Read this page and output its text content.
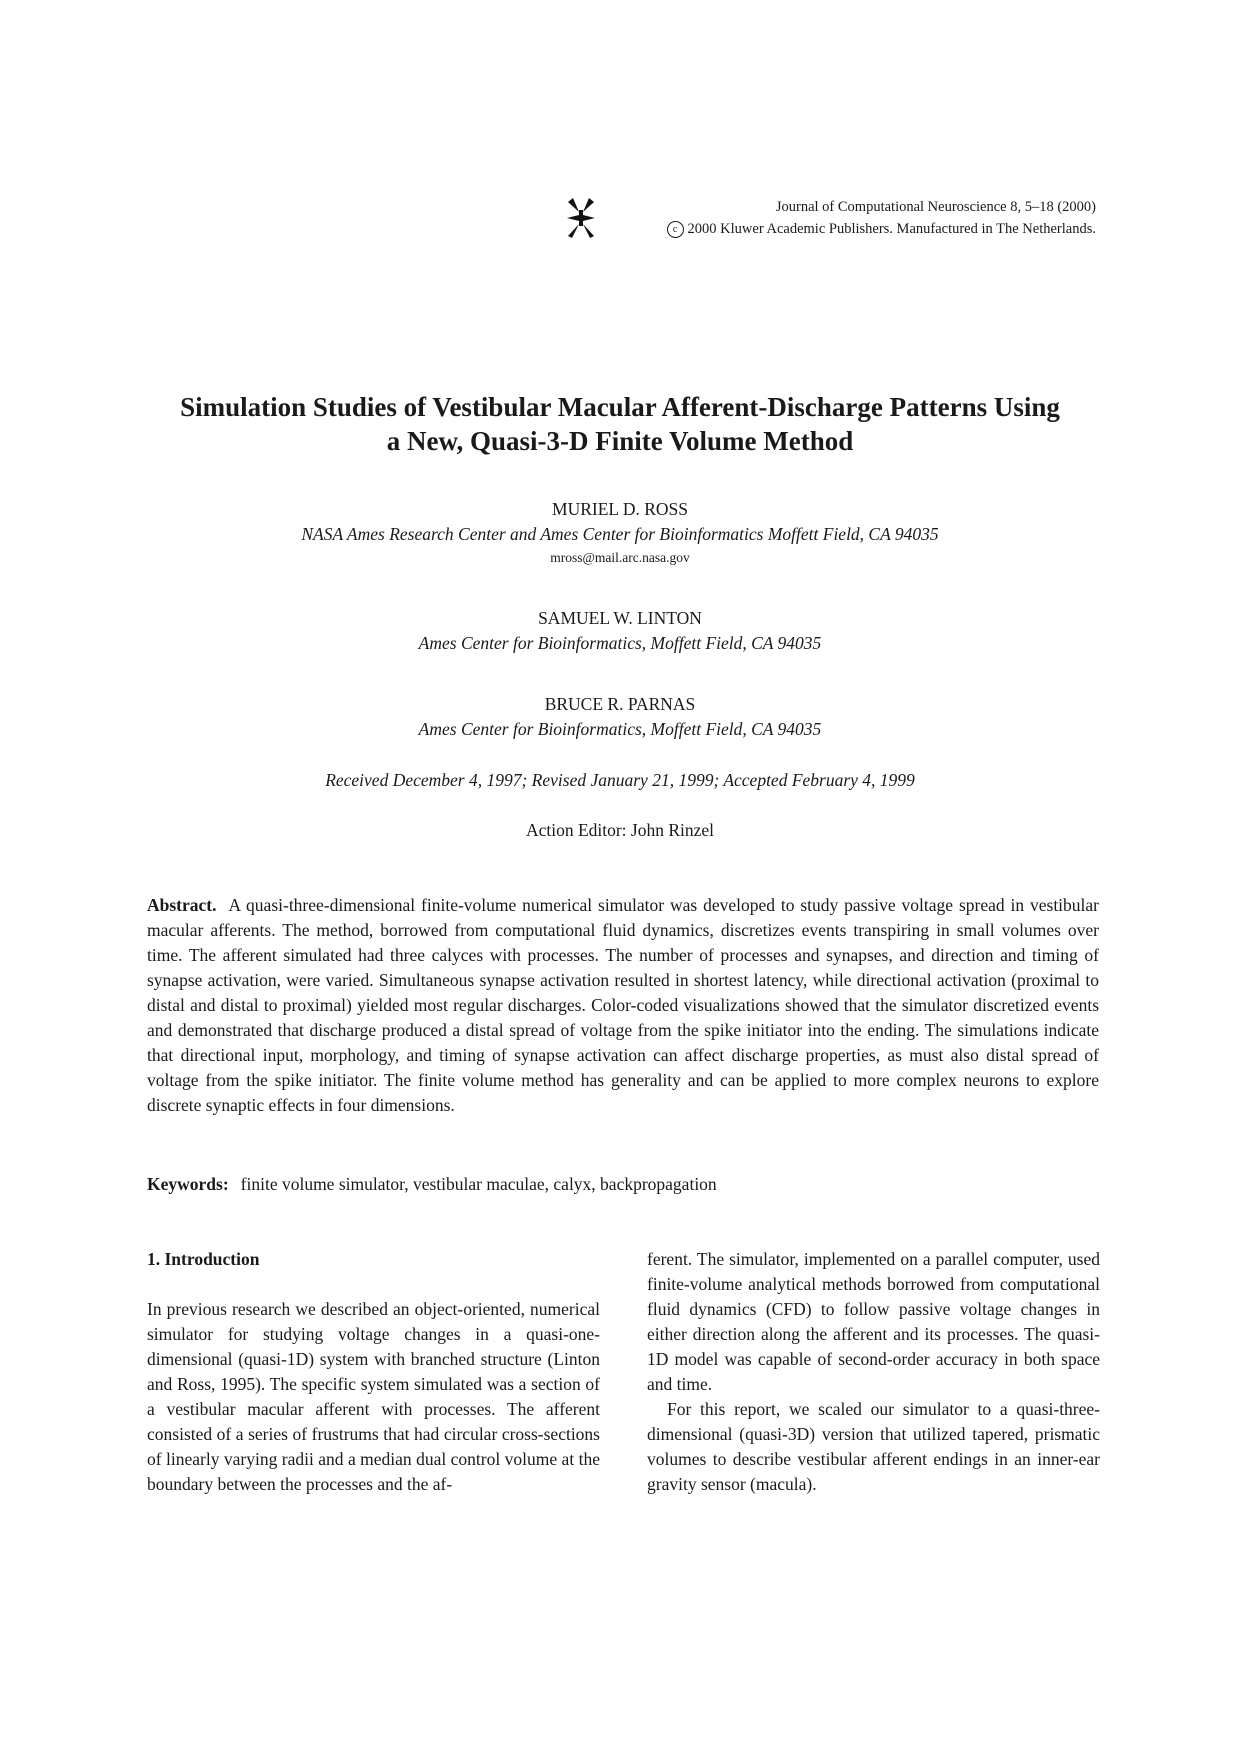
Journal of Computational Neuroscience 8, 5–18 (2000)
c 2000 Kluwer Academic Publishers. Manufactured in The Netherlands.
Simulation Studies of Vestibular Macular Afferent-Discharge Patterns Using
a New, Quasi-3-D Finite Volume Method
MURIEL D. ROSS
NASA Ames Research Center and Ames Center for Bioinformatics Moffett Field, CA 94035
mross@mail.arc.nasa.gov
SAMUEL W. LINTON
Ames Center for Bioinformatics, Moffett Field, CA 94035
BRUCE R. PARNAS
Ames Center for Bioinformatics, Moffett Field, CA 94035
Received December 4, 1997; Revised January 21, 1999; Accepted February 4, 1999
Action Editor: John Rinzel

Abstract. A quasi-three-dimensional finite-volume numerical simulator was developed to study passive voltage spread in vestibular macular afferents. The method, borrowed from computational fluid dynamics, discretizes events transpiring in small volumes over time. The afferent simulated had three calyces with processes. The number of processes and synapses, and direction and timing of synapse activation, were varied. Simultaneous synapse activation resulted in shortest latency, while directional activation (proximal to distal and distal to proximal) yielded most regular discharges. Color-coded visualizations showed that the simulator discretized events and demonstrated that discharge produced a distal spread of voltage from the spike initiator into the ending. The simulations indicate that directional input, morphology, and timing of synapse activation can affect discharge properties, as must also distal spread of voltage from the spike initiator. The finite volume method has generality and can be applied to more complex neurons to explore discrete synaptic effects in four dimensions.

Keywords: finite volume simulator, vestibular maculae, calyx, backpropagation

1. Introduction

In previous research we described an object-oriented, numerical simulator for studying voltage changes in a quasi-one-dimensional (quasi-1D) system with branched structure (Linton and Ross, 1995). The specific system simulated was a section of a vestibular macular afferent with processes. The afferent consisted of a series of frustrums that had circular cross-sections of linearly varying radii and a median dual control volume at the boundary between the processes and the af-

ferent. The simulator, implemented on a parallel computer, used finite-volume analytical methods borrowed from computational fluid dynamics (CFD) to follow passive voltage changes in either direction along the afferent and its processes. The quasi-1D model was capable of second-order accuracy in both space and time.

For this report, we scaled our simulator to a quasi-three-dimensional (quasi-3D) version that utilized tapered, prismatic volumes to describe vestibular afferent endings in an inner-ear gravity sensor (macula).
